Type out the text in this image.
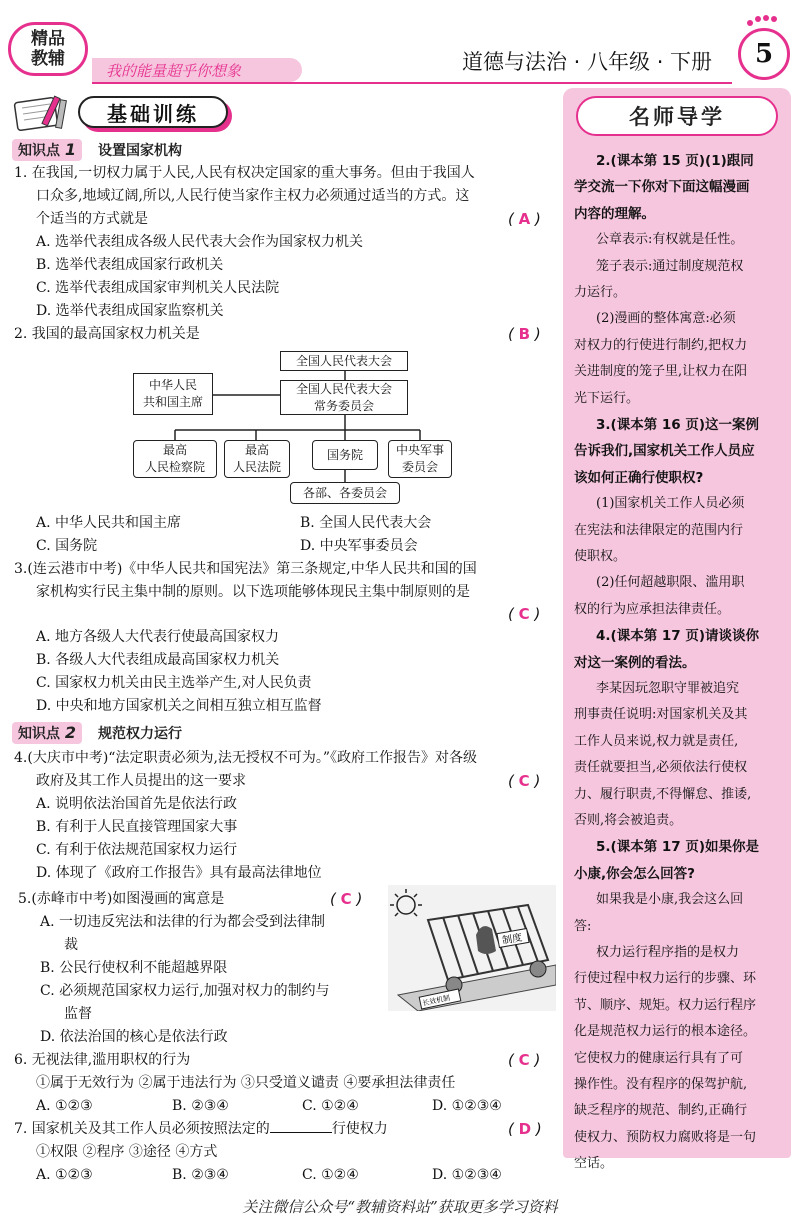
精品
教辅
我的能量超乎你想象	道德与法治 · 八年级 · 下册	5
基础训练
知识点 1	设置国家机构
1. 在我国,一切权力属于人民,人民有权决定国家的重大事务。但由于我国人
口众多,地域辽阔,所以,人民行使当家作主权力必须通过适当的方式。这
个适当的方式就是	( A )
A. 选举代表组成各级人民代表大会作为国家权力机关
B. 选举代表组成国家行政机关
C. 选举代表组成国家审判机关人民法院
D. 选举代表组成国家监察机关
2. 我国的最高国家权力机关是	( B )
全国人民代表大会
全国人民代表大会
常务委员会
中华人民
共和国主席
最高
人民检察院
最高
人民法院
国务院	中央军事
委员会
各部、各委员会
A. 中华人民共和国主席	B. 全国人民代表大会
C. 国务院	D. 中央军事委员会
3.(连云港市中考)《中华人民共和国宪法》第三条规定,中华人民共和国的国
家机构实行民主集中制的原则。以下选项能够体现民主集中制原则的是
( C )
A. 地方各级人大代表行使最高国家权力
B. 各级人大代表组成最高国家权力机关
C. 国家权力机关由民主选举产生,对人民负责
D. 中央和地方国家机关之间相互独立相互监督
知识点 2	规范权力运行
4.(大庆市中考)“法定职责必须为,法无授权不可为。”《政府工作报告》对各级
政府及其工作人员提出的这一要求	( C )
A. 说明依法治国首先是依法行政
B. 有利于人民直接管理国家大事
C. 有利于依法规范国家权力运行
D. 体现了《政府工作报告》具有最高法律地位
5.(赤峰市中考)如图漫画的寓意是	( C )
A. 一切违反宪法和法律的行为都会受到法律制
裁
B. 公民行使权利不能超越界限
C. 必须规范国家权力运行,加强对权力的制约与
监督
D. 依法治国的核心是依法行政
制度
长效机制
6. 无视法律,滥用职权的行为	( C )
①属于无效行为 ②属于违法行为 ③只受道义谴责 ④要承担法律责任
A. ①②③	B. ②③④	C. ①②④	D. ①②③④
7. 国家机关及其工作人员必须按照法定的	行使权力	( D )
①权限 ②程序 ③途径 ④方式
A. ①②③	B. ②③④	C. ①②④	D. ①②③④
名师导学
2.(课本第 15 页)(1)跟同
学交流一下你对下面这幅漫画
内容的理解。
公章表示:有权就是任性。
笼子表示:通过制度规范权
力运行。
(2)漫画的整体寓意:必须
对权力的行使进行制约,把权力
关进制度的笼子里,让权力在阳
光下运行。
3.(课本第 16 页)这一案例
告诉我们,国家机关工作人员应
该如何正确行使职权?
(1)国家机关工作人员必须
在宪法和法律限定的范围内行
使职权。
(2)任何超越职限、滥用职
权的行为应承担法律责任。
4.(课本第 17 页)请谈谈你
对这一案例的看法。
李某因玩忽职守罪被追究
刑事责任说明:对国家机关及其
工作人员来说,权力就是责任,
责任就要担当,必须依法行使权
力、履行职责,不得懈怠、推诿,
否则,将会被追责。
5.(课本第 17 页)如果你是
小康,你会怎么回答?
如果我是小康,我会这么回
答:
权力运行程序指的是权力
行使过程中权力运行的步骤、环
节、顺序、规矩。权力运行程序
化是规范权力运行的根本途径。
它使权力的健康运行具有了可
操作性。没有程序的保驾护航,
缺乏程序的规范、制约,正确行
使权力、预防权力腐败将是一句
空话。
关注微信公众号“教辅资料站”获取更多学习资料
